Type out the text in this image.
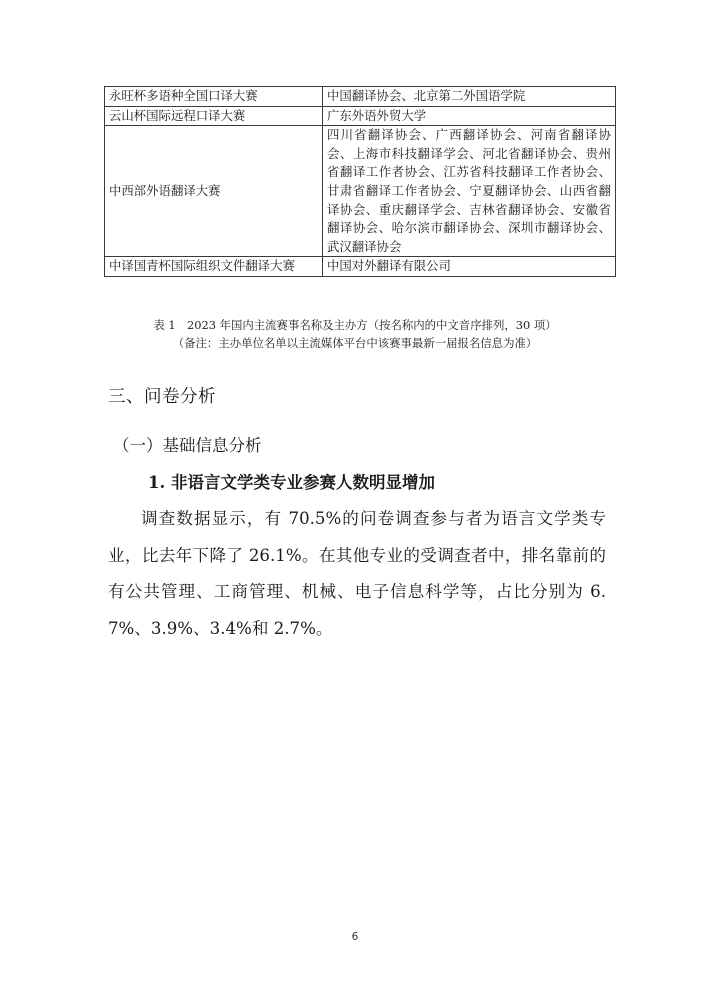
永旺杯多语种全国口译大赛	中国翻译协会、北京第二外国语学院
云山杯国际远程口译大赛	广东外语外贸大学
中西部外语翻译大赛	四川省翻译协会、广西翻译协会、河南省翻译协会、上海市科技翻译学会、河北省翻译协会、贵州省翻译工作者协会、江苏省科技翻译工作者协会、甘肃省翻译工作者协会、宁夏翻译协会、山西省翻译协会、重庆翻译学会、吉林省翻译协会、安徽省翻译协会、哈尔滨市翻译协会、深圳市翻译协会、武汉翻译协会
中译国青杯国际组织文件翻译大赛	中国对外翻译有限公司
表 1　2023 年国内主流赛事名称及主办方（按名称内的中文音序排列，30 项）
（备注：主办单位名单以主流媒体平台中该赛事最新一届报名信息为准）
三、问卷分析
（一）基础信息分析
1. 非语言文学类专业参赛人数明显增加

调查数据显示，有 70.5%的问卷调查参与者为语言文学类专业，比去年下降了 26.1%。在其他专业的受调查者中，排名靠前的有公共管理、工商管理、机械、电子信息科学等，占比分别为 6.7%、3.9%、3.4%和 2.7%。

6
